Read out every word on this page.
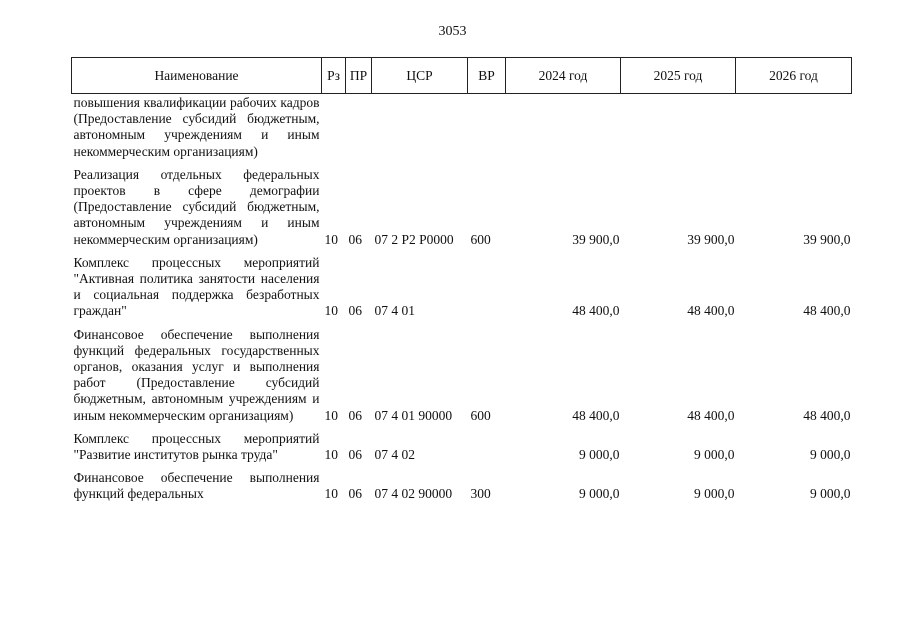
3053
Наименование	Рз	ПР	ЦСР	ВР	2024 год	2025 год	2026 год
повышения квалификации рабочих кадров (Предоставление субсидий бюджетным, автономным учреждениям и иным некоммерческим организациям)							
Реализация отдельных федеральных проектов в сфере демографии (Предоставление субсидий бюджетным, автономным учреждениям и иным некоммерческим организациям)	10	06	07 2 Р2 Р0000	600	39 900,0	39 900,0	39 900,0
Комплекс процессных мероприятий "Активная политика занятости населения и социальная поддержка безработных граждан"	10	06	07 4 01		48 400,0	48 400,0	48 400,0
Финансовое обеспечение выполнения функций федеральных государственных органов, оказания услуг и выполнения работ (Предоставление субсидий бюджетным, автономным учреждениям и иным некоммерческим организациям)	10	06	07 4 01 90000	600	48 400,0	48 400,0	48 400,0
Комплекс процессных мероприятий "Развитие институтов рынка труда"	10	06	07 4 02		9 000,0	9 000,0	9 000,0
Финансовое обеспечение выполнения функций федеральных	10	06	07 4 02 90000	300	9 000,0	9 000,0	9 000,0
